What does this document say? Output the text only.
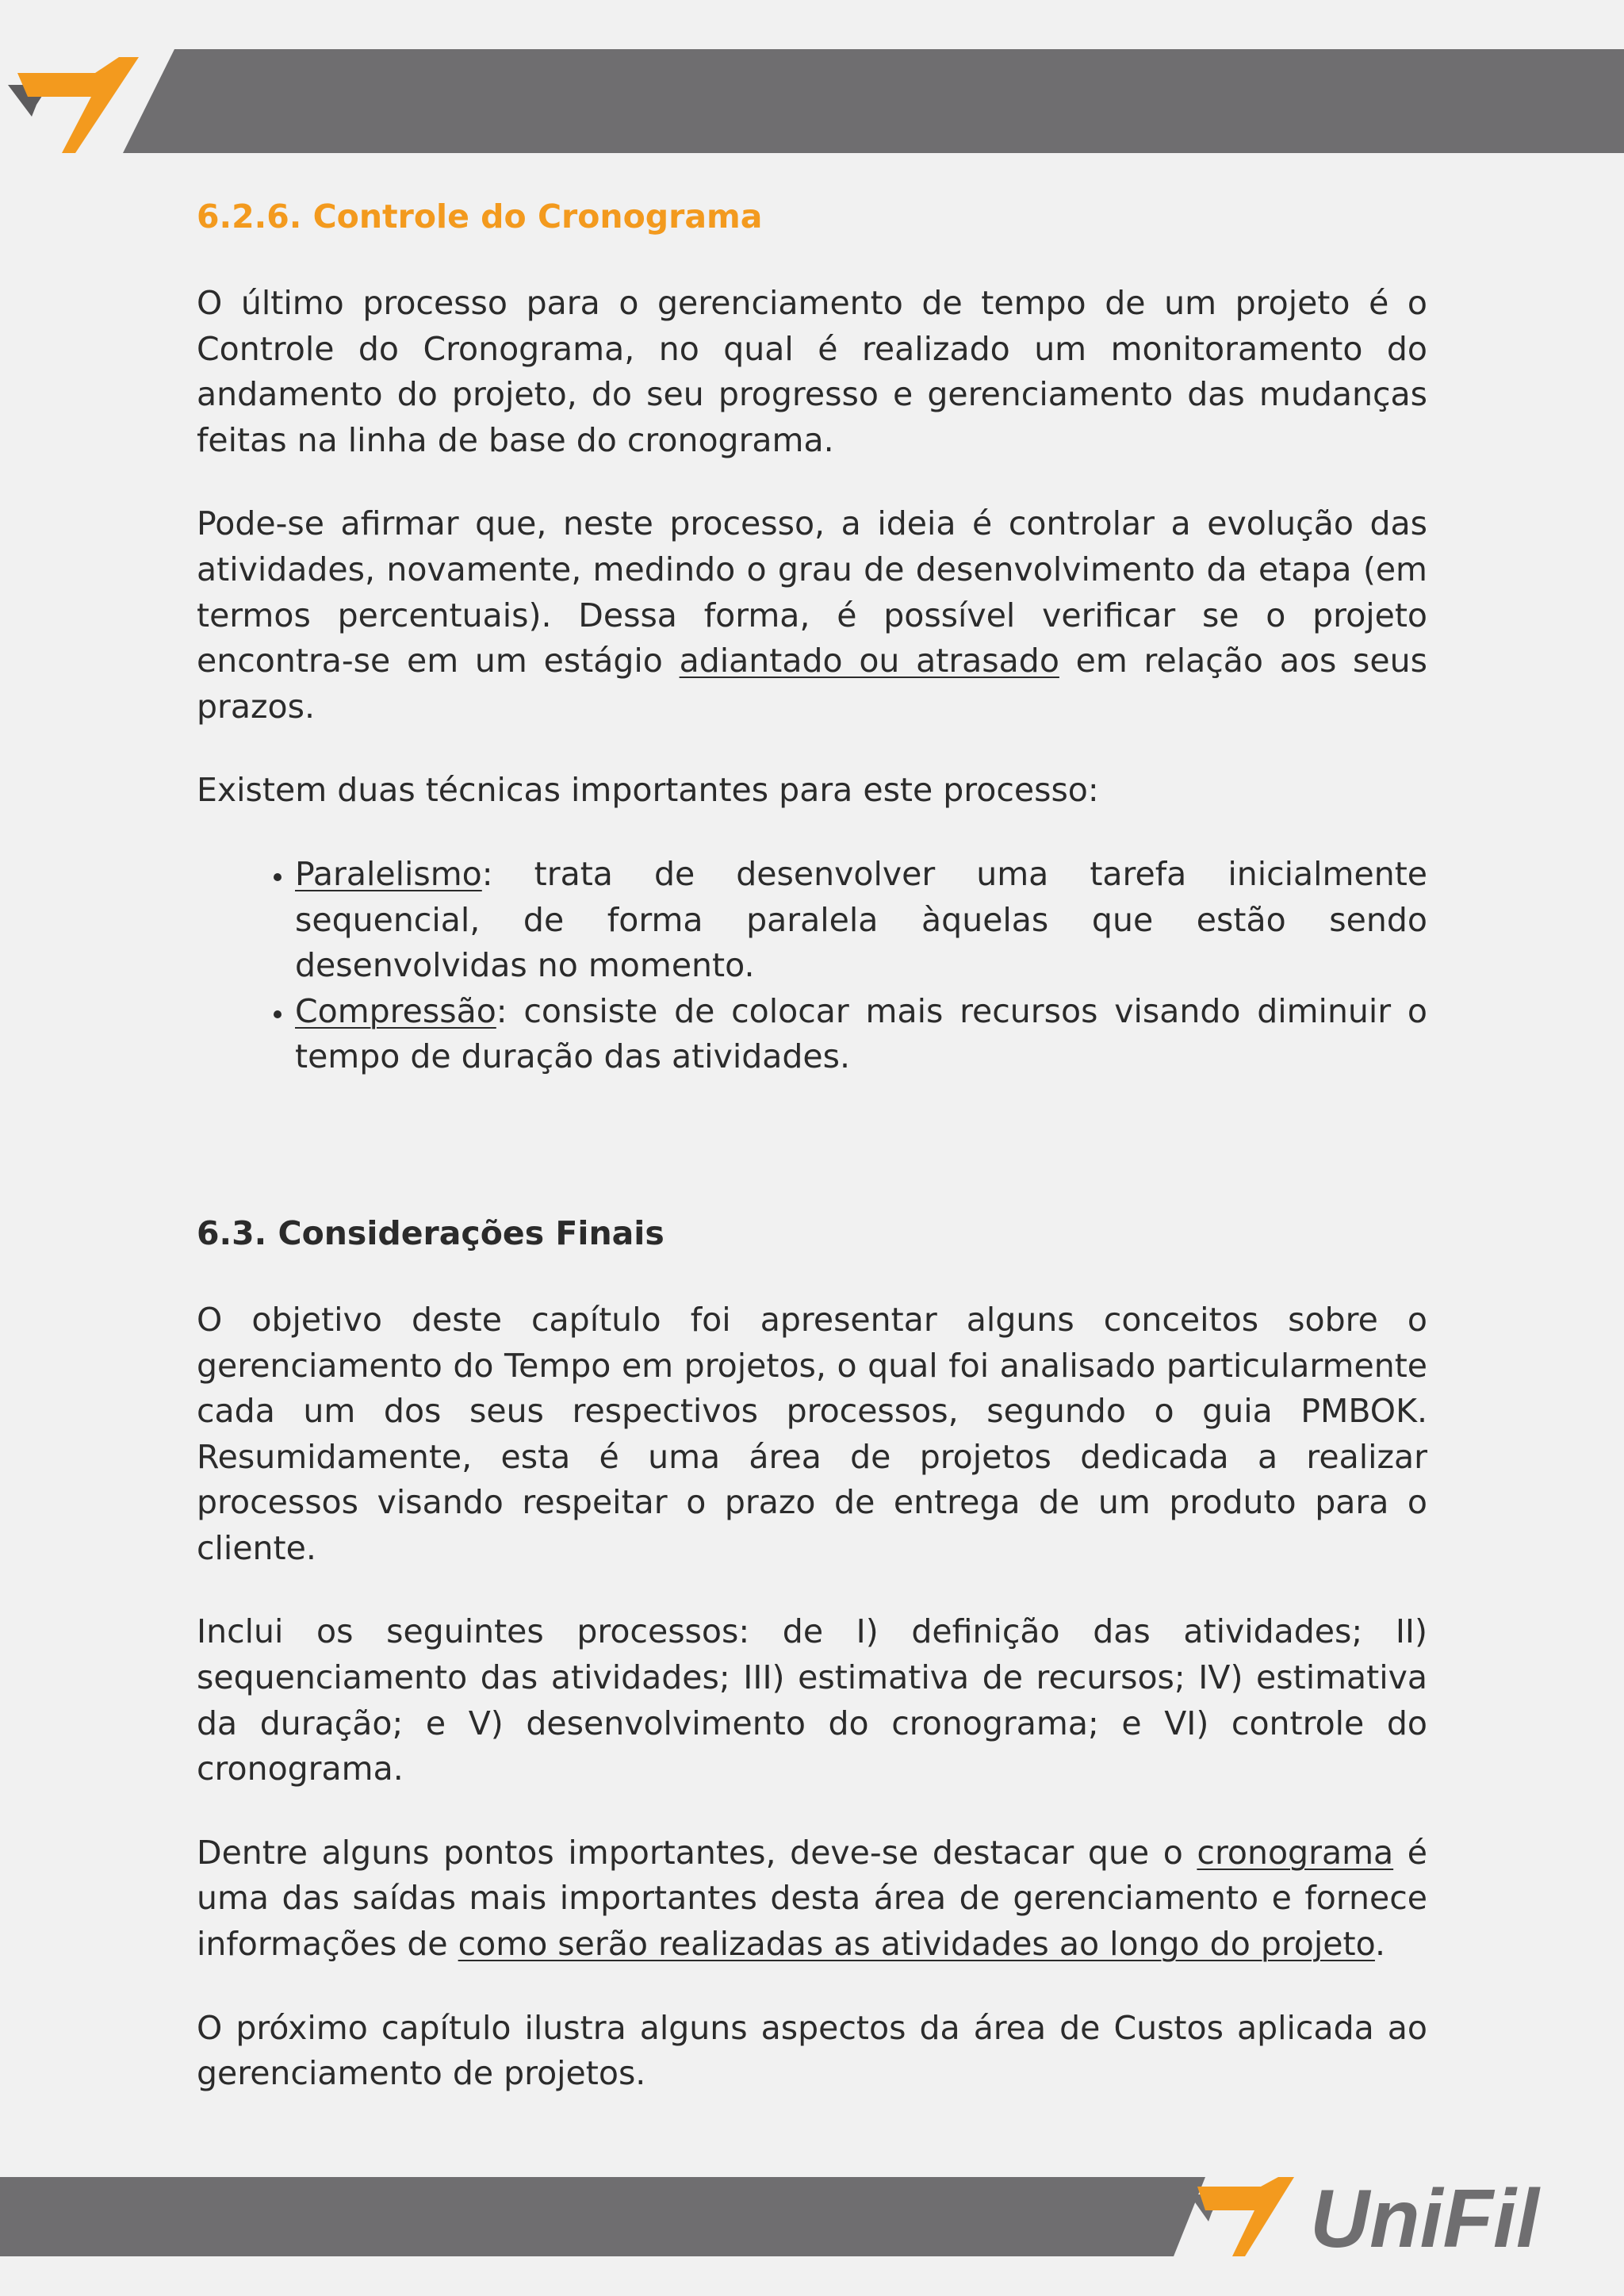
6.2.6. Controle do Cronograma

O último processo para o gerenciamento de tempo de um projeto é o Controle do Cronograma, no qual é realizado um monitoramento do andamento do projeto, do seu progresso e gerenciamento das mudanças feitas na linha de base do cronograma.

Pode-se afirmar que, neste processo, a ideia é controlar a evolução das atividades, novamente, medindo o grau de desenvolvimento da etapa (em termos percentuais). Dessa forma, é possível verificar se o projeto encontra-se em um estágio adiantado ou atrasado em relação aos seus prazos.

Existem duas técnicas importantes para este processo:

• Paralelismo: trata de desenvolver uma tarefa inicialmente sequencial, de forma paralela àquelas que estão sendo desenvolvidas no momento.
• Compressão: consiste de colocar mais recursos visando diminuir o tempo de duração das atividades.
6.3. Considerações Finais

O objetivo deste capítulo foi apresentar alguns conceitos sobre o gerenciamento do Tempo em projetos, o qual foi analisado particularmente cada um dos seus respectivos processos, segundo o guia PMBOK. Resumidamente, esta é uma área de projetos dedicada a realizar processos visando respeitar o prazo de entrega de um produto para o cliente.

Inclui os seguintes processos: de I) definição das atividades; II) sequenciamento das atividades; III) estimativa de recursos; IV) estimativa da duração; e V) desenvolvimento do cronograma; e VI) controle do cronograma.

Dentre alguns pontos importantes, deve-se destacar que o cronograma é uma das saídas mais importantes desta área de gerenciamento e fornece informações de como serão realizadas as atividades ao longo do projeto.

O próximo capítulo ilustra alguns aspectos da área de Custos aplicada ao gerenciamento de projetos.

UniFil
